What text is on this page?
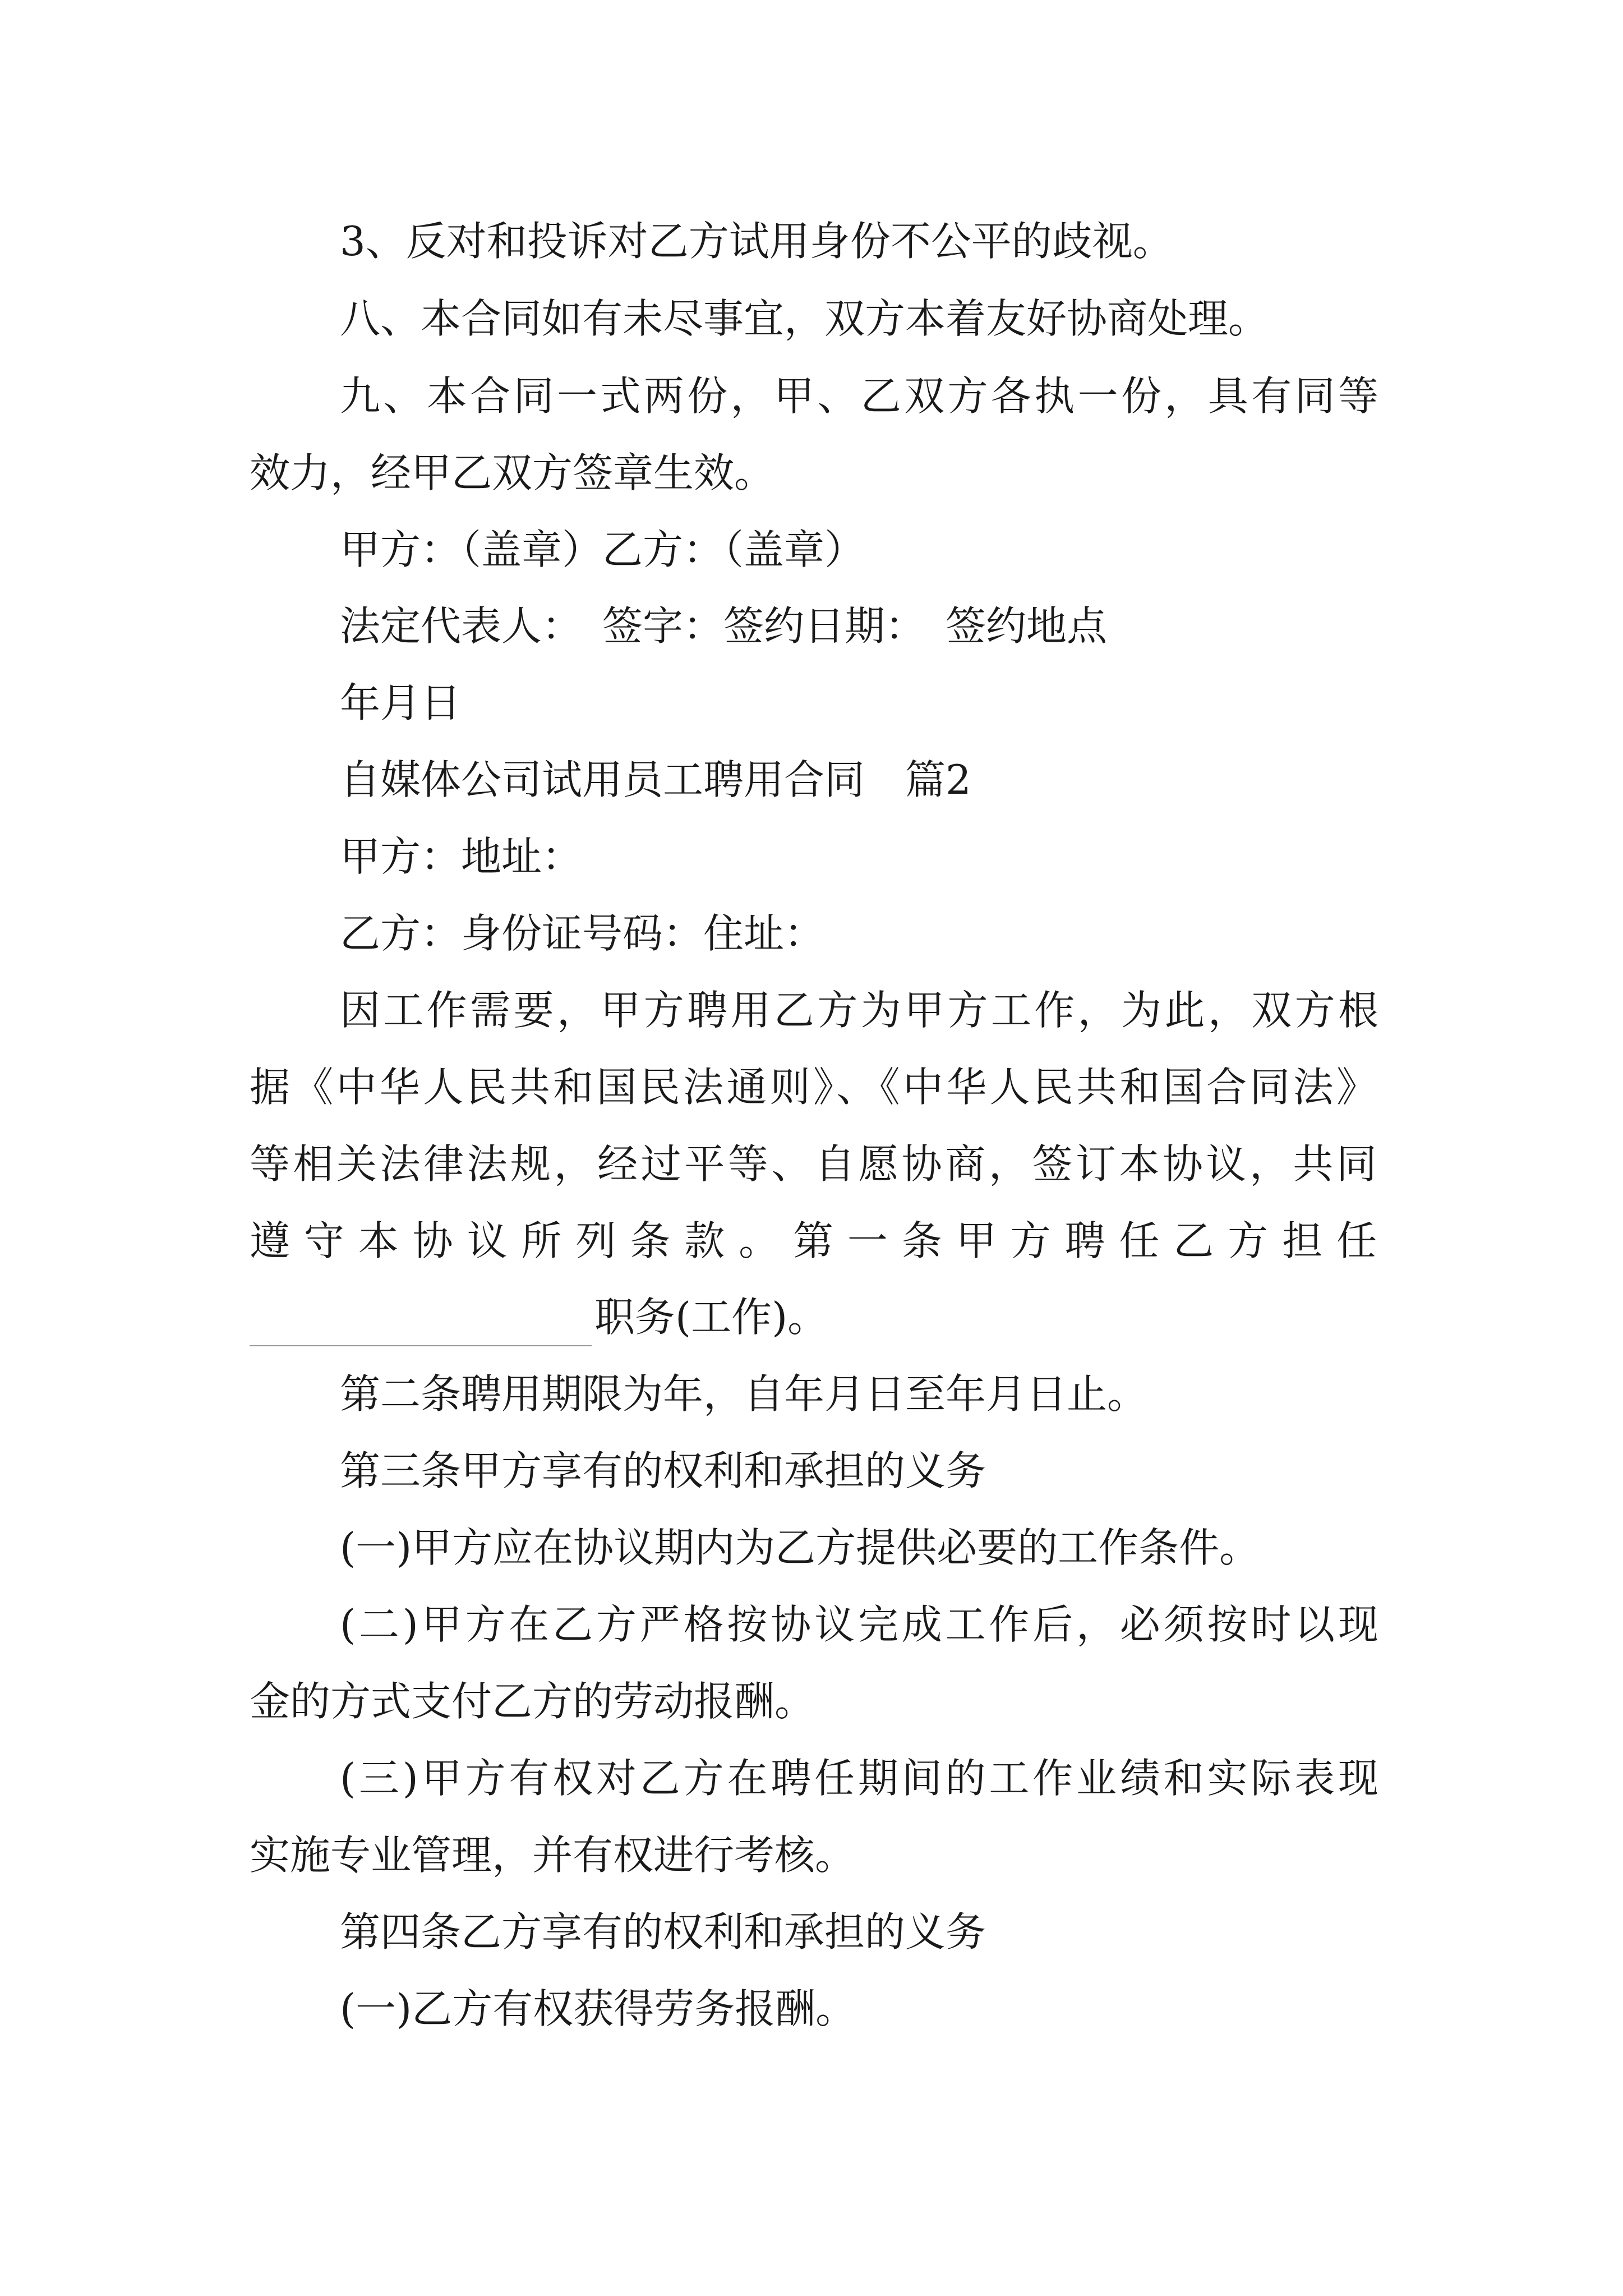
3、反对和投诉对乙方试用身份不公平的歧视。
八、本合同如有未尽事宜，双方本着友好协商处理。
九、本合同一式两份，甲、乙双方各执一份，具有同等
效力，经甲乙双方签章生效。
甲方：（盖章）乙方：（盖章）
法定代表人：　签字：签约日期：　签约地点
年月日
自媒体公司试用员工聘用合同　篇2
甲方：地址：
乙方：身份证号码：住址：
因工作需要，甲方聘用乙方为甲方工作，为此，双方根
据《中华人民共和国民法通则》、《中华人民共和国合同法》
等相关法律法规，经过平等、自愿协商，签订本协议，共同
遵守本协议所列条款。第一条甲方聘任乙方担任
职务(工作)。
第二条聘用期限为年，自年月日至年月日止。
第三条甲方享有的权利和承担的义务
(一)甲方应在协议期内为乙方提供必要的工作条件。
(二)甲方在乙方严格按协议完成工作后，必须按时以现
金的方式支付乙方的劳动报酬。
(三)甲方有权对乙方在聘任期间的工作业绩和实际表现
实施专业管理，并有权进行考核。
第四条乙方享有的权利和承担的义务
(一)乙方有权获得劳务报酬。
